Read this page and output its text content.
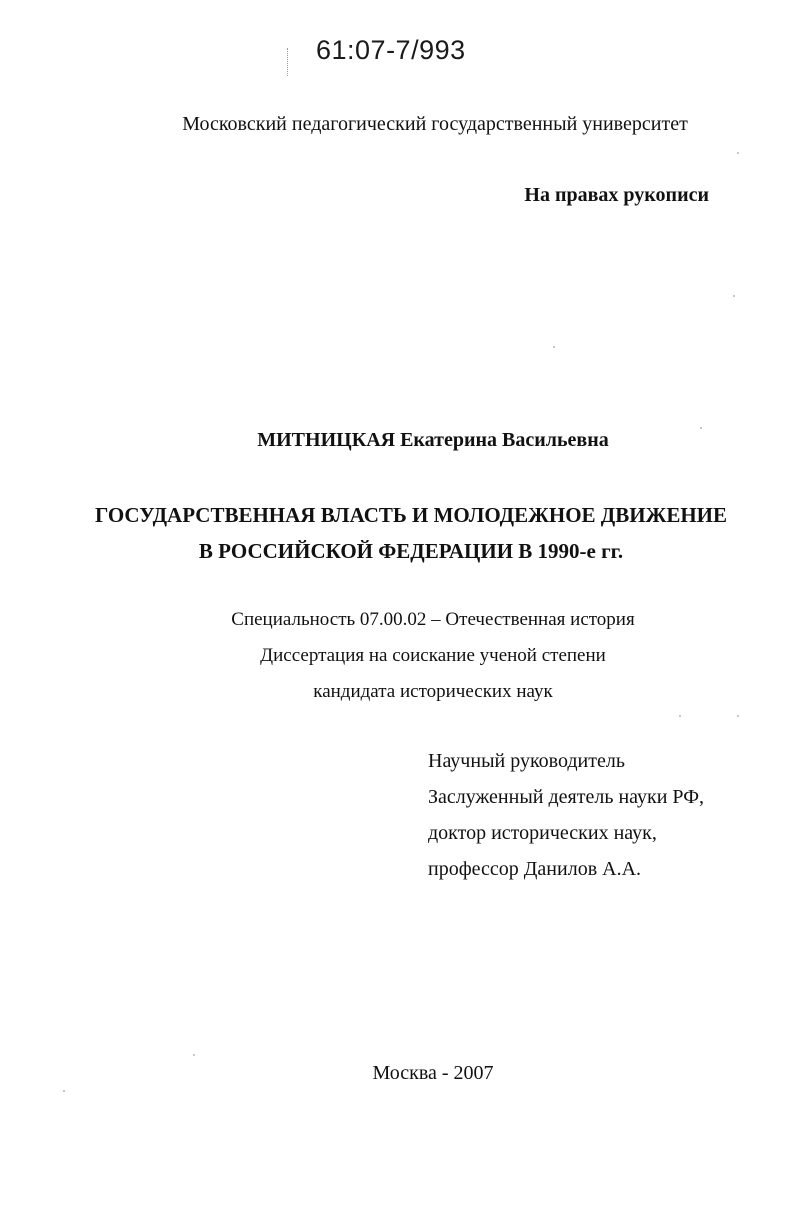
61:07-7/993
Московский педагогический государственный университет
На правах рукописи
МИТНИЦКАЯ Екатерина Васильевна
ГОСУДАРСТВЕННАЯ ВЛАСТЬ И МОЛОДЕЖНОЕ ДВИЖЕНИЕ
В РОССИЙСКОЙ ФЕДЕРАЦИИ В 1990-е гг.
Специальность 07.00.02 – Отечественная история
Диссертация на соискание ученой степени
кандидата исторических наук
Научный руководитель
Заслуженный деятель науки РФ,
доктор исторических наук,
профессор Данилов А.А.
Москва - 2007
